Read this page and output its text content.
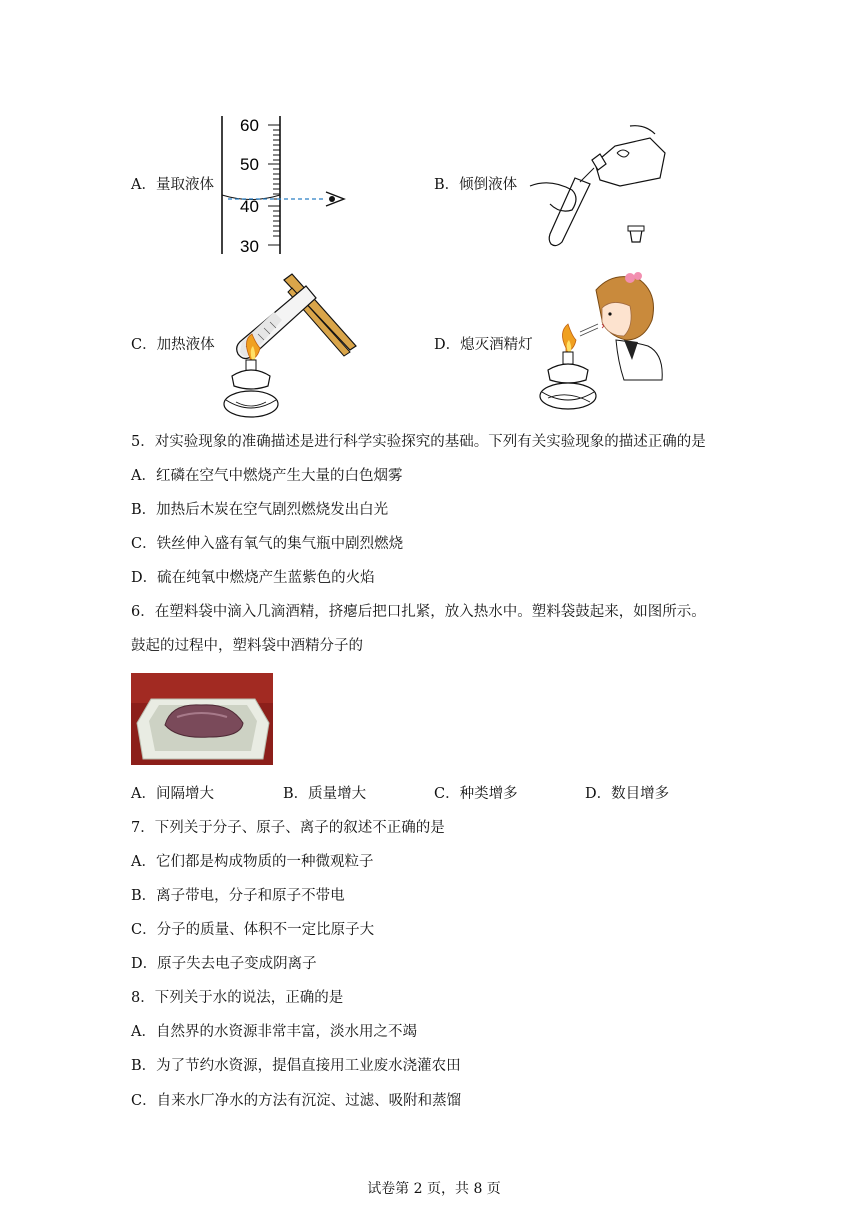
A．量取液体	B．倾倒液体
C．加热液体	D．熄灭酒精灯
60
50
40
30
5．对实验现象的准确描述是进行科学实验探究的基础。下列有关实验现象的描述正确的是
A．红磷在空气中燃烧产生大量的白色烟雾
B．加热后木炭在空气剧烈燃烧发出白光
C．铁丝伸入盛有氧气的集气瓶中剧烈燃烧
D．硫在纯氧中燃烧产生蓝紫色的火焰
6．在塑料袋中滴入几滴酒精，挤瘪后把口扎紧，放入热水中。塑料袋鼓起来，如图所示。
鼓起的过程中，塑料袋中酒精分子的
A．间隔增大	B．质量增大	C．种类增多	D．数目增多
7．下列关于分子、原子、离子的叙述不正确的是
A．它们都是构成物质的一种微观粒子
B．离子带电，分子和原子不带电
C．分子的质量、体积不一定比原子大
D．原子失去电子变成阴离子
8．下列关于水的说法，正确的是
A．自然界的水资源非常丰富，淡水用之不竭
B．为了节约水资源，提倡直接用工业废水浇灌农田
C．自来水厂净水的方法有沉淀、过滤、吸附和蒸馏
试卷第 2 页，共 8 页
